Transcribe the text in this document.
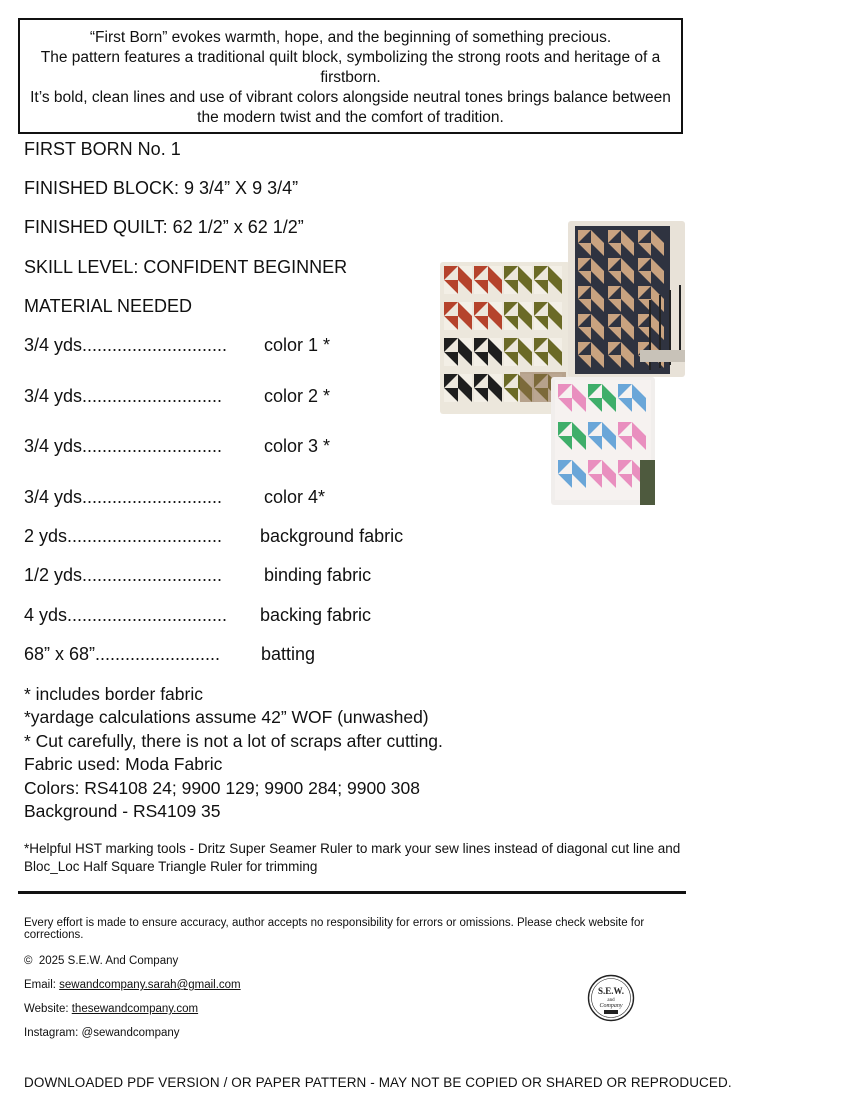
“First Born” evokes warmth, hope, and the beginning of something precious.

The pattern features a traditional quilt block, symbolizing the strong roots and heritage of a firstborn.

It’s bold, clean lines and use of vibrant colors alongside neutral tones brings balance between the modern twist and the comfort of tradition.

FIRST BORN No. 1
FINISHED BLOCK: 9 3/4” X 9 3/4”
FINISHED QUILT: 62 1/2” x 62 1/2”
SKILL LEVEL: CONFIDENT BEGINNER
MATERIAL NEEDED
3/4 yds............................. color 1 *
3/4 yds............................ color 2 *
3/4 yds............................ color 3 *
3/4 yds............................ color 4*
2 yds............................... background fabric
1/2 yds............................ binding fabric
4 yds................................ backing fabric
68” x 68”......................... batting
* includes border fabric
*yardage calculations assume 42” WOF (unwashed)
* Cut carefully, there is not a lot of scraps after cutting.
Fabric used: Moda Fabric
Colors: RS4108 24; 9900 129; 9900 284; 9900 308
Background - RS4109 35
*Helpful HST marking tools - Dritz Super Seamer Ruler to mark your sew lines instead of diagonal cut line and Bloc_Loc Half Square Triangle Ruler for trimming
Every effort is made to ensure accuracy, author accepts no responsibility for errors or omissions. Please check website for corrections.
© 2025 S.E.W. And Company
Email: sewandcompany.sarah@gmail.com
Website: thesewandcompany.com
Instagram: @sewandcompany
S.E.W.
and
Company
DOWNLOADED PDF VERSION / OR PAPER PATTERN - MAY NOT BE COPIED OR SHARED OR REPRODUCED.
